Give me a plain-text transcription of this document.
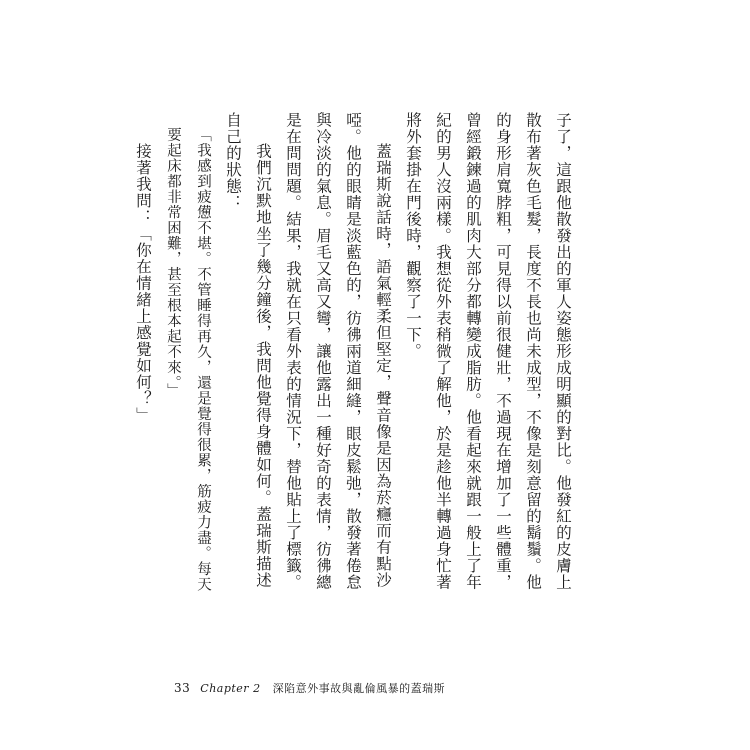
子了，這跟他散發出的軍人姿態形成明顯的對比。他發紅的皮膚上散布著灰色毛髮，長度不長也尚未成型，不像是刻意留的鬍鬚。他的身形肩寬脖粗，可見得以前很健壯，不過現在增加了一些體重，曾經鍛鍊過的肌肉大部分都轉變成脂肪。他看起來就跟一般上了年紀的男人沒兩樣。我想從外表稍微了解他，於是趁他半轉過身忙著將外套掛在門後時，觀察了一下。

蓋瑞斯說話時，語氣輕柔但堅定，聲音像是因為菸癮而有點沙啞。他的眼睛是淡藍色的，彷彿兩道細縫，眼皮鬆弛，散發著倦怠與冷淡的氣息。眉毛又高又彎，讓他露出一種好奇的表情，彷彿總是在問問題。結果，我就在只看外表的情況下，替他貼上了標籤。

我們沉默地坐了幾分鐘後，我問他覺得身體如何。蓋瑞斯描述自己的狀態：

「我感到疲憊不堪。不管睡得再久，還是覺得很累，筋疲力盡。每天要起床都非常困難，甚至根本起不來。」

接著我問：「你在情緒上感覺如何？」

33 Chapter 2 深陷意外事故與亂倫風暴的蓋瑞斯
